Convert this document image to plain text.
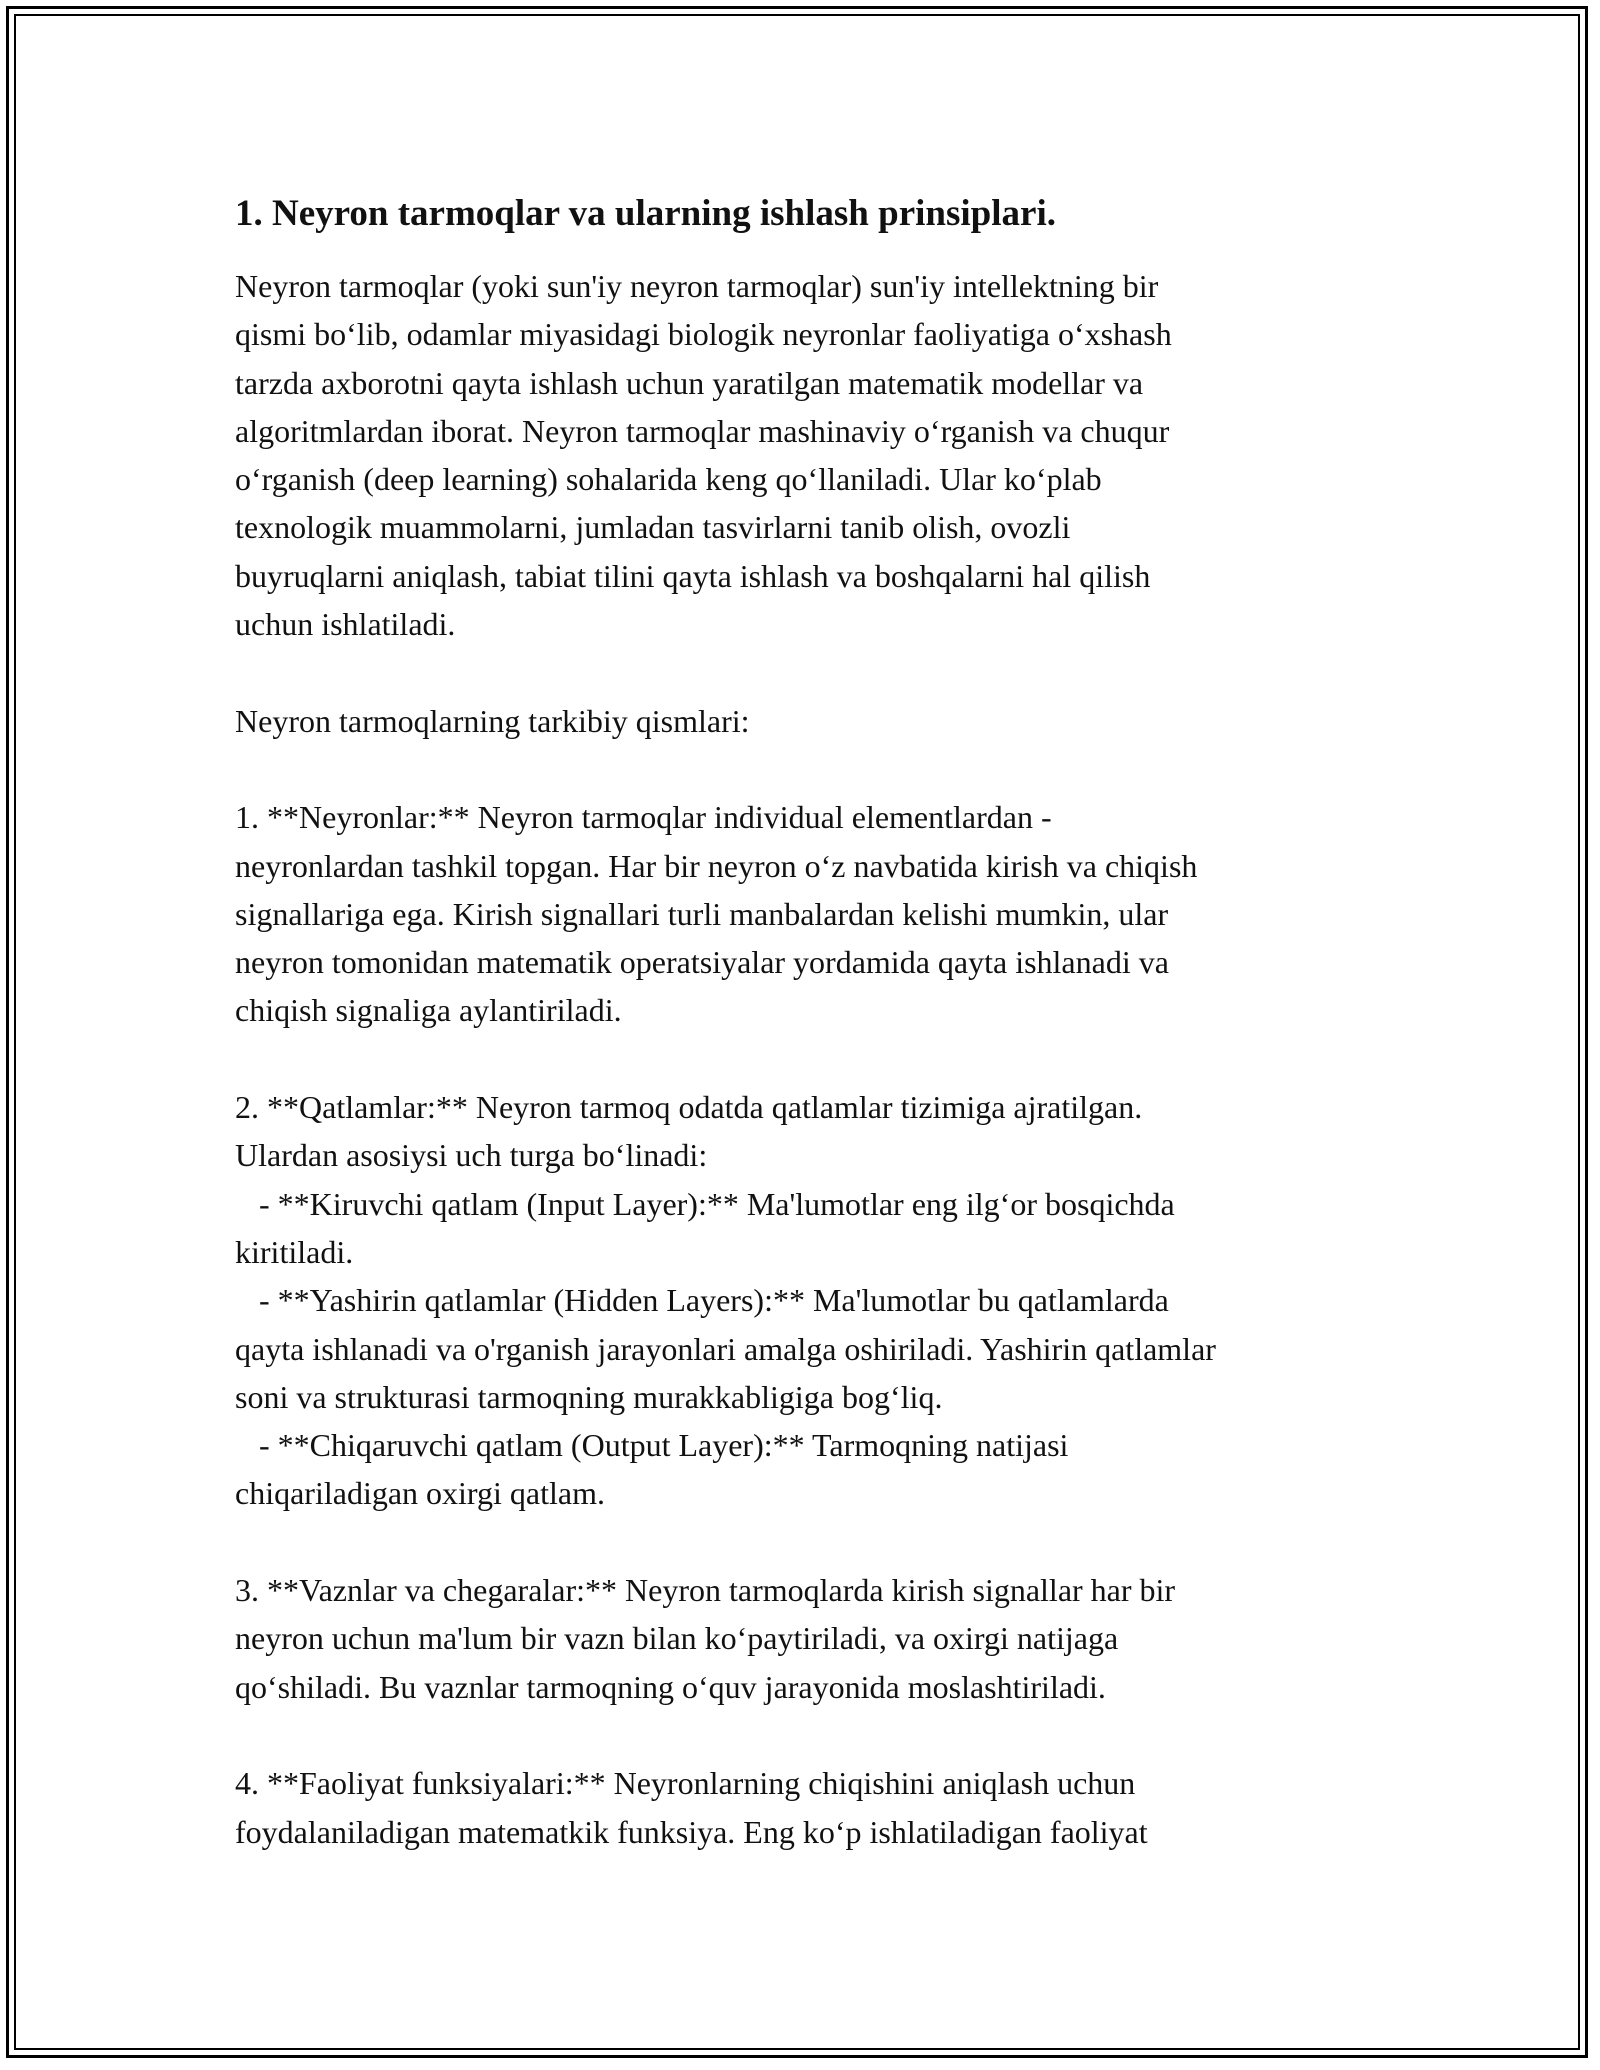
1. Neyron tarmoqlar va ularning ishlash prinsiplari.
Neyron tarmoqlar (yoki sun'iy neyron tarmoqlar) sun'iy intellektning bir
qismi bo‘lib, odamlar miyasidagi biologik neyronlar faoliyatiga o‘xshash
tarzda axborotni qayta ishlash uchun yaratilgan matematik modellar va
algoritmlardan iborat. Neyron tarmoqlar mashinaviy o‘rganish va chuqur
o‘rganish (deep learning) sohalarida keng qo‘llaniladi. Ular ko‘plab
texnologik muammolarni, jumladan tasvirlarni tanib olish, ovozli
buyruqlarni aniqlash, tabiat tilini qayta ishlash va boshqalarni hal qilish
uchun ishlatiladi.
Neyron tarmoqlarning tarkibiy qismlari:
1. **Neyronlar:** Neyron tarmoqlar individual elementlardan -
neyronlardan tashkil topgan. Har bir neyron o‘z navbatida kirish va chiqish
signallariga ega. Kirish signallari turli manbalardan kelishi mumkin, ular
neyron tomonidan matematik operatsiyalar yordamida qayta ishlanadi va
chiqish signaliga aylantiriladi.
2. **Qatlamlar:** Neyron tarmoq odatda qatlamlar tizimiga ajratilgan.
Ulardan asosiysi uch turga bo‘linadi:
- **Kiruvchi qatlam (Input Layer):** Ma'lumotlar eng ilg‘or bosqichda
kiritiladi.
- **Yashirin qatlamlar (Hidden Layers):** Ma'lumotlar bu qatlamlarda
qayta ishlanadi va o'rganish jarayonlari amalga oshiriladi. Yashirin qatlamlar
soni va strukturasi tarmoqning murakkabligiga bog‘liq.
- **Chiqaruvchi qatlam (Output Layer):** Tarmoqning natijasi
chiqariladigan oxirgi qatlam.
3. **Vaznlar va chegaralar:** Neyron tarmoqlarda kirish signallar har bir
neyron uchun ma'lum bir vazn bilan ko‘paytiriladi, va oxirgi natijaga
qo‘shiladi. Bu vaznlar tarmoqning o‘quv jarayonida moslashtiriladi.
4. **Faoliyat funksiyalari:** Neyronlarning chiqishini aniqlash uchun
foydalaniladigan matematkik funksiya. Eng ko‘p ishlatiladigan faoliyat
